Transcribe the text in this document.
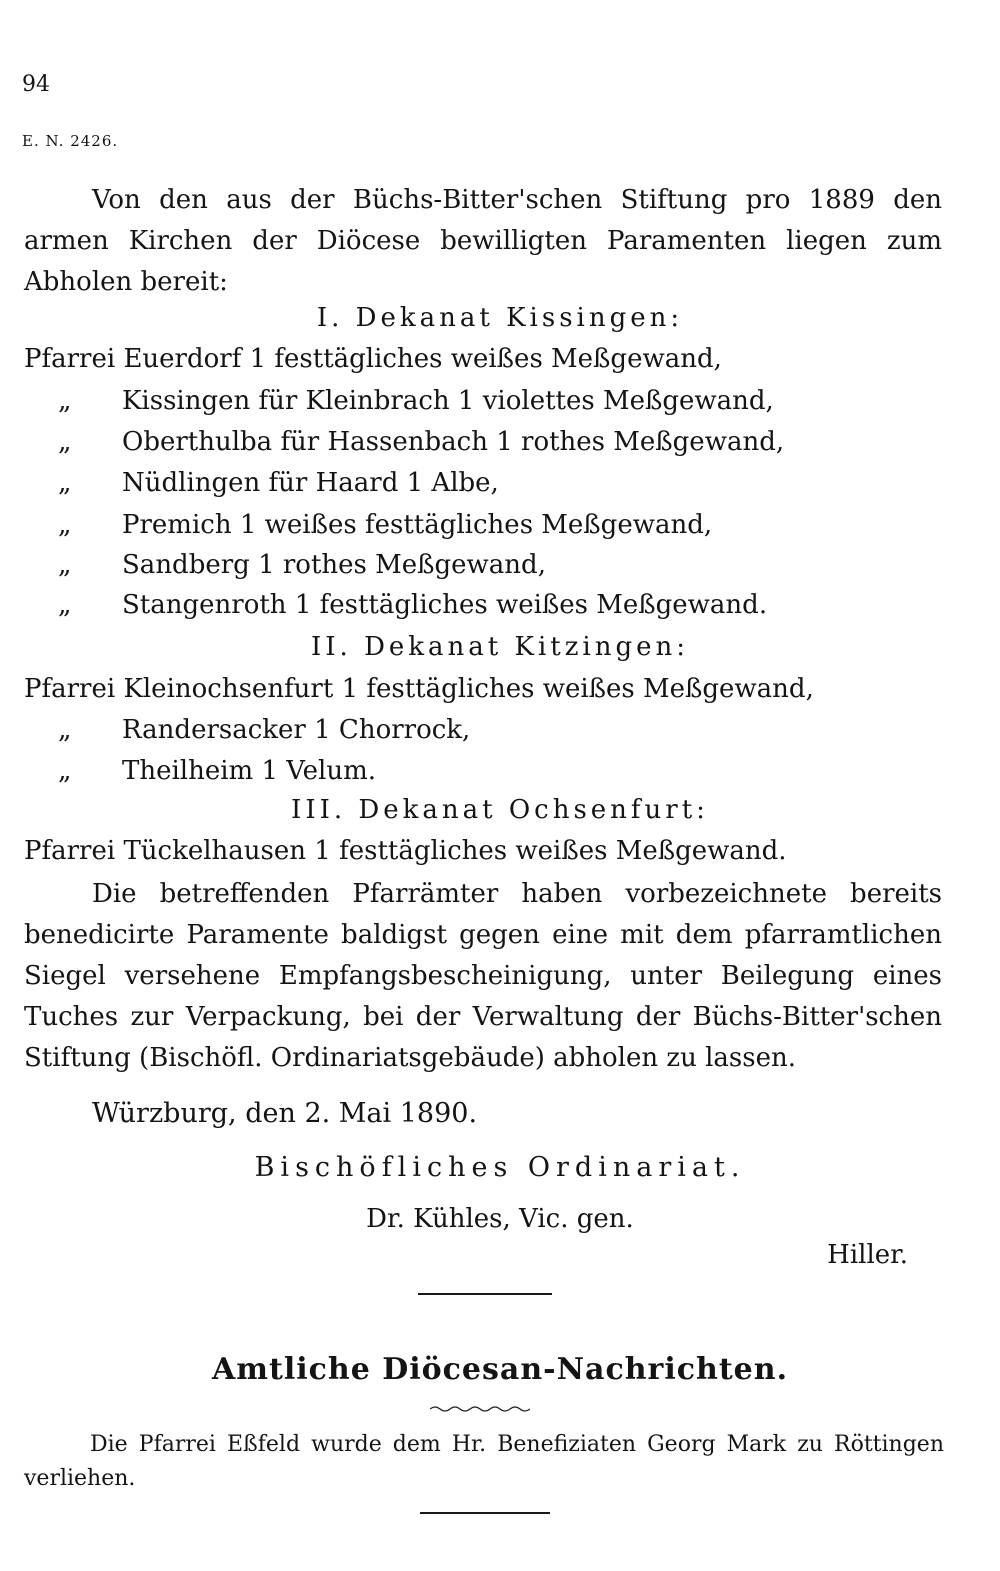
94
E. N. 2426.
Von den aus der Büchs-Bitter'schen Stiftung pro 1889 den armen Kirchen der Diöcese bewilligten Paramenten liegen zum Abholen bereit:
I. Dekanat Kissingen:
Pfarrei Euerdorf 1 festtägliches weißes Meßgewand,
„ Kissingen für Kleinbrach 1 violettes Meßgewand,
„ Oberthulba für Hassenbach 1 rothes Meßgewand,
„ Nüdlingen für Haard 1 Albe,
„ Premich 1 weißes festtägliches Meßgewand,
„ Sandberg 1 rothes Meßgewand,
„ Stangenroth 1 festtägliches weißes Meßgewand.
II. Dekanat Kitzingen:
Pfarrei Kleinochsenfurt 1 festtägliches weißes Meßgewand,
„ Randersacker 1 Chorrock,
„ Theilheim 1 Velum.
III. Dekanat Ochsenfurt:
Pfarrei Tückelhausen 1 festtägliches weißes Meßgewand.
Die betreffenden Pfarrämter haben vorbezeichnete bereits benedicirte Paramente baldigst gegen eine mit dem pfarramtlichen Siegel versehene Empfangsbescheinigung, unter Beilegung eines Tuches zur Verpackung, bei der Verwaltung der Büchs-Bitter'schen Stiftung (Bischöfl. Ordinariatsgebäude) abholen zu lassen.
Würzburg, den 2. Mai 1890.
Bischöfliches Ordinariat.
Dr. Kühles, Vic. gen.
Hiller.
Amtliche Diöcesan-Nachrichten.
Die Pfarrei Eßfeld wurde dem Hr. Benefiziaten Georg Mark zu Röttingen verliehen.
